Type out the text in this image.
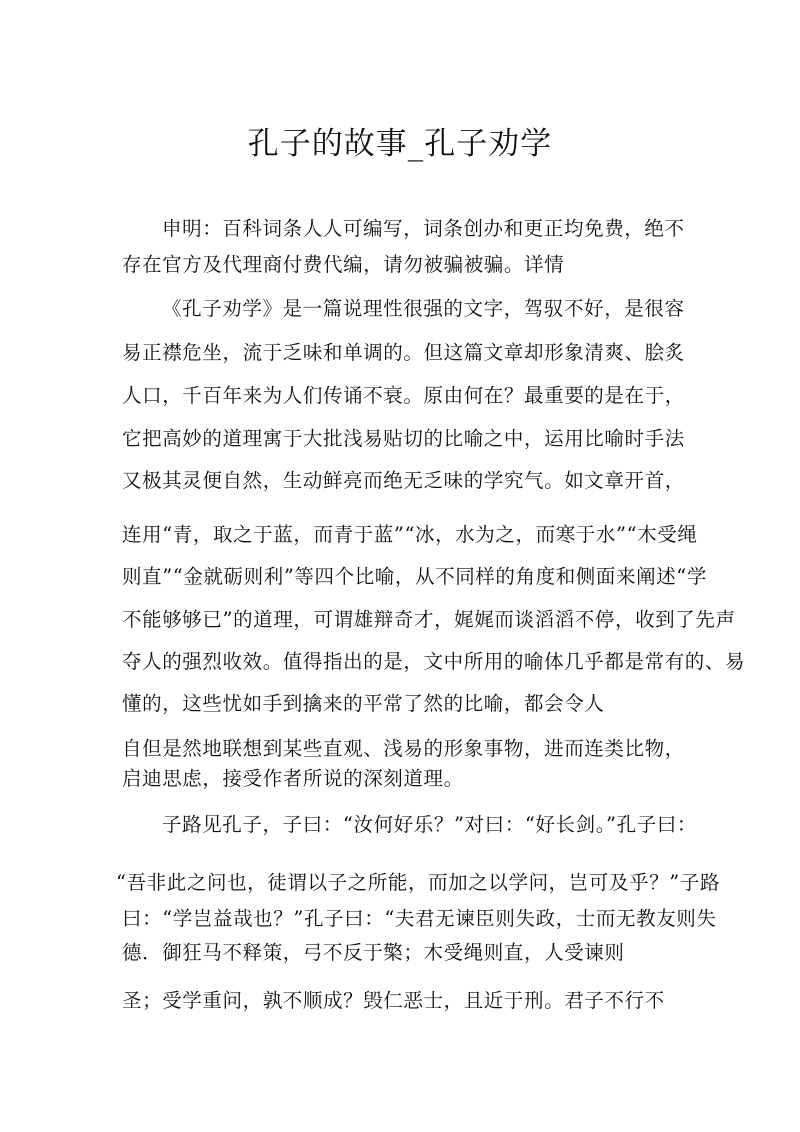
孔子的故事_孔子劝学
申明：百科词条人人可编写，词条创办和更正均免费，绝不
存在官方及代理商付费代编，请勿被骗被骗。详情
《孔子劝学》是一篇说理性很强的文字，驾驭不好，是很容
易正襟危坐，流于乏味和单调的。但这篇文章却形象清爽、脍炙
人口，千百年来为人们传诵不衰。原由何在？最重要的是在于，
它把高妙的道理寓于大批浅易贴切的比喻之中，运用比喻时手法
又极其灵便自然，生动鲜亮而绝无乏味的学究气。如文章开首，
连用“青，取之于蓝，而青于蓝”“冰，水为之，而寒于水”“木受绳
则直”“金就砺则利”等四个比喻，从不同样的角度和侧面来阐述“学
不能够够已”的道理，可谓雄辩奇才，娓娓而谈滔滔不停，收到了先声
夺人的强烈收效。值得指出的是，文中所用的喻体几乎都是常有的、易
懂的，这些忧如手到擒来的平常了然的比喻，都会令人
自但是然地联想到某些直观、浅易的形象事物，进而连类比物，
启迪思虑，接受作者所说的深刻道理。
子路见孔子，子曰：“汝何好乐？”对曰：“好长剑。”孔子曰：
“吾非此之问也，徒谓以子之所能，而加之以学问，岂可及乎？”子路
曰：“学岂益哉也？”孔子曰：“夫君无谏臣则失政，士而无教友则失
德．御狂马不释策，弓不反于檠；木受绳则直，人受谏则
圣；受学重问，孰不顺成？毁仁恶士，且近于刑。君子不行不
